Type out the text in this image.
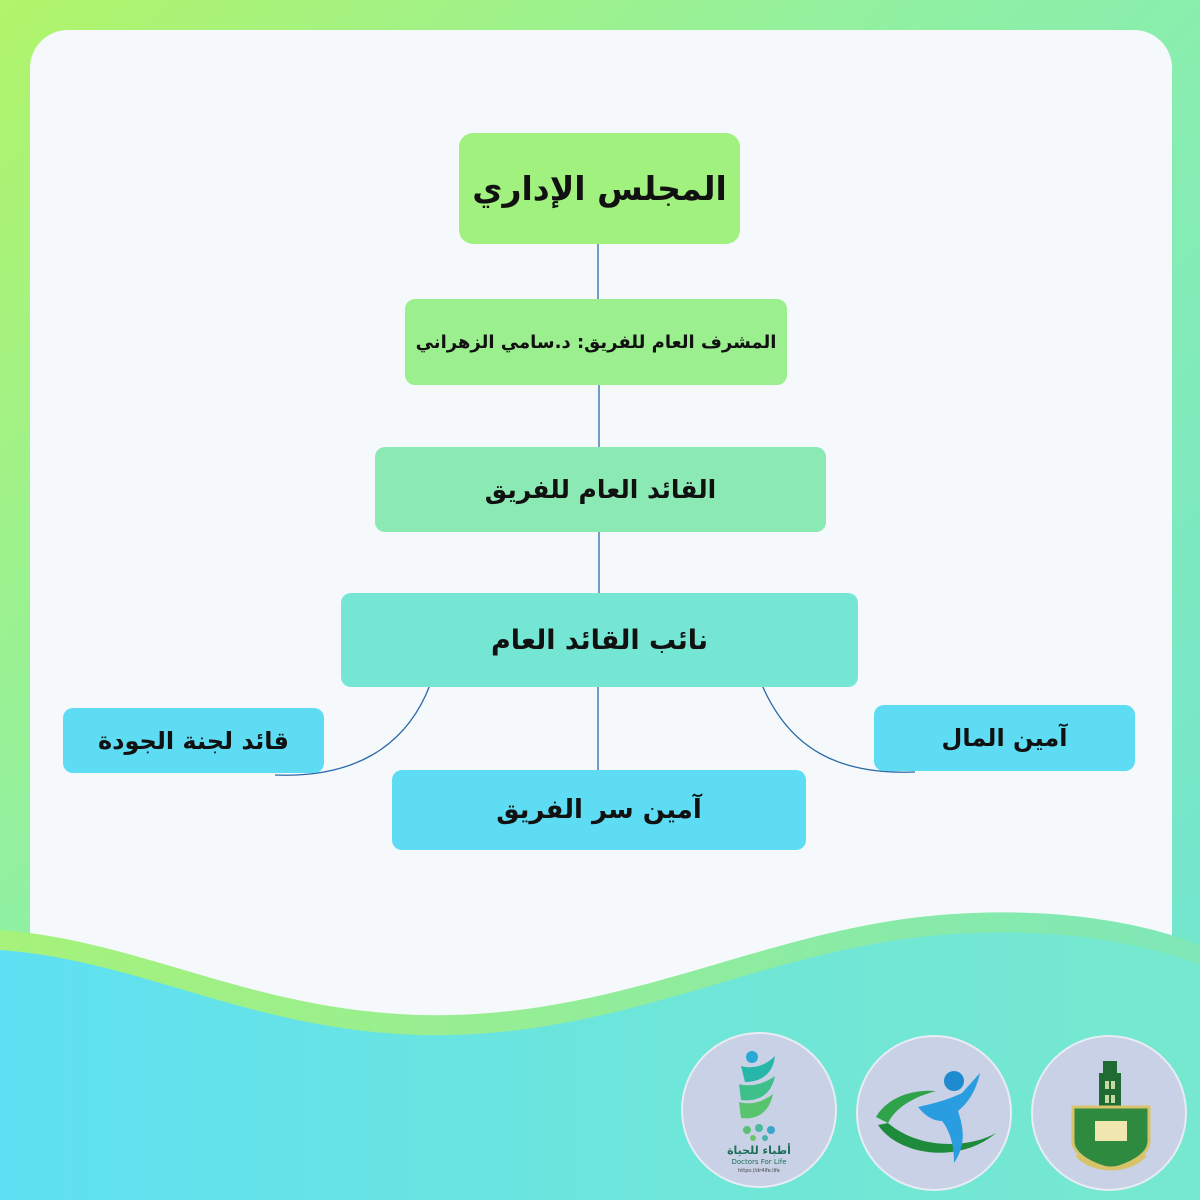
المجلس الإداري
المشرف العام للفريق: د.سامي الزهراني
القائد العام للفريق
نائب القائد العام
آمين المال
آمين سر الفريق
قائد لجنة الجودة
أطباء للحياة
Doctors For Life
https://dr4lfe.life
